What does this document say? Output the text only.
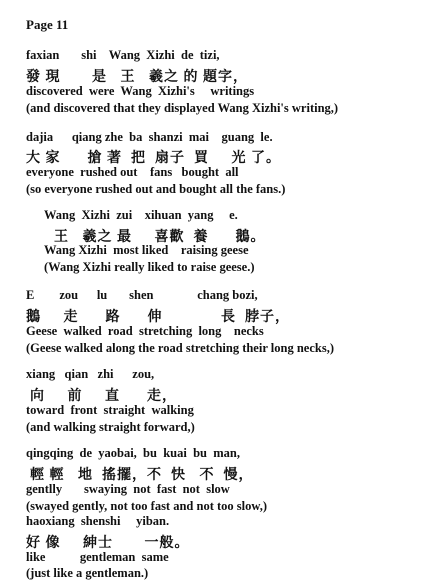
Page 11
faxian       shi    Wang  Xizhi  de  tizi,
發 現       是   王   羲之 的 題字，
discovered  were  Wang  Xizhi's     writings
(and discovered that they displayed Wang Xizhi's writing,)
dajia      qiang zhe  ba  shanzi  mai    guang  le.
大 家      搶 著  把  扇子  買     光 了。
everyone  rushed out    fans   bought  all
(so everyone rushed out and bought all the fans.)
Wang  Xizhi  zui    xihuan  yang     e.
王   羲之 最     喜歡  養      鵝。
Wang Xizhi  most liked    raising geese
(Wang Xizhi really liked to raise geese.)
E        zou      lu       shen              chang bozi,
鵝     走      路      伸             長  脖子，
Geese  walked  road  stretching  long    necks
(Geese walked along the road stretching their long necks,)
xiang   qian   zhi      zou,
向     前     直      走，
toward  front  straight  walking
(and walking straight forward,)
qingqing  de  yaobai,  bu  kuai  bu  man,
輕 輕   地  搖擺，不  快   不  慢，
gentlly       swaying  not  fast  not  slow
(swayed gently, not too fast and not too slow,)
haoxiang  shenshi     yiban.
好 像     紳士       一般。
like           gentleman  same
(just like a gentleman.)
